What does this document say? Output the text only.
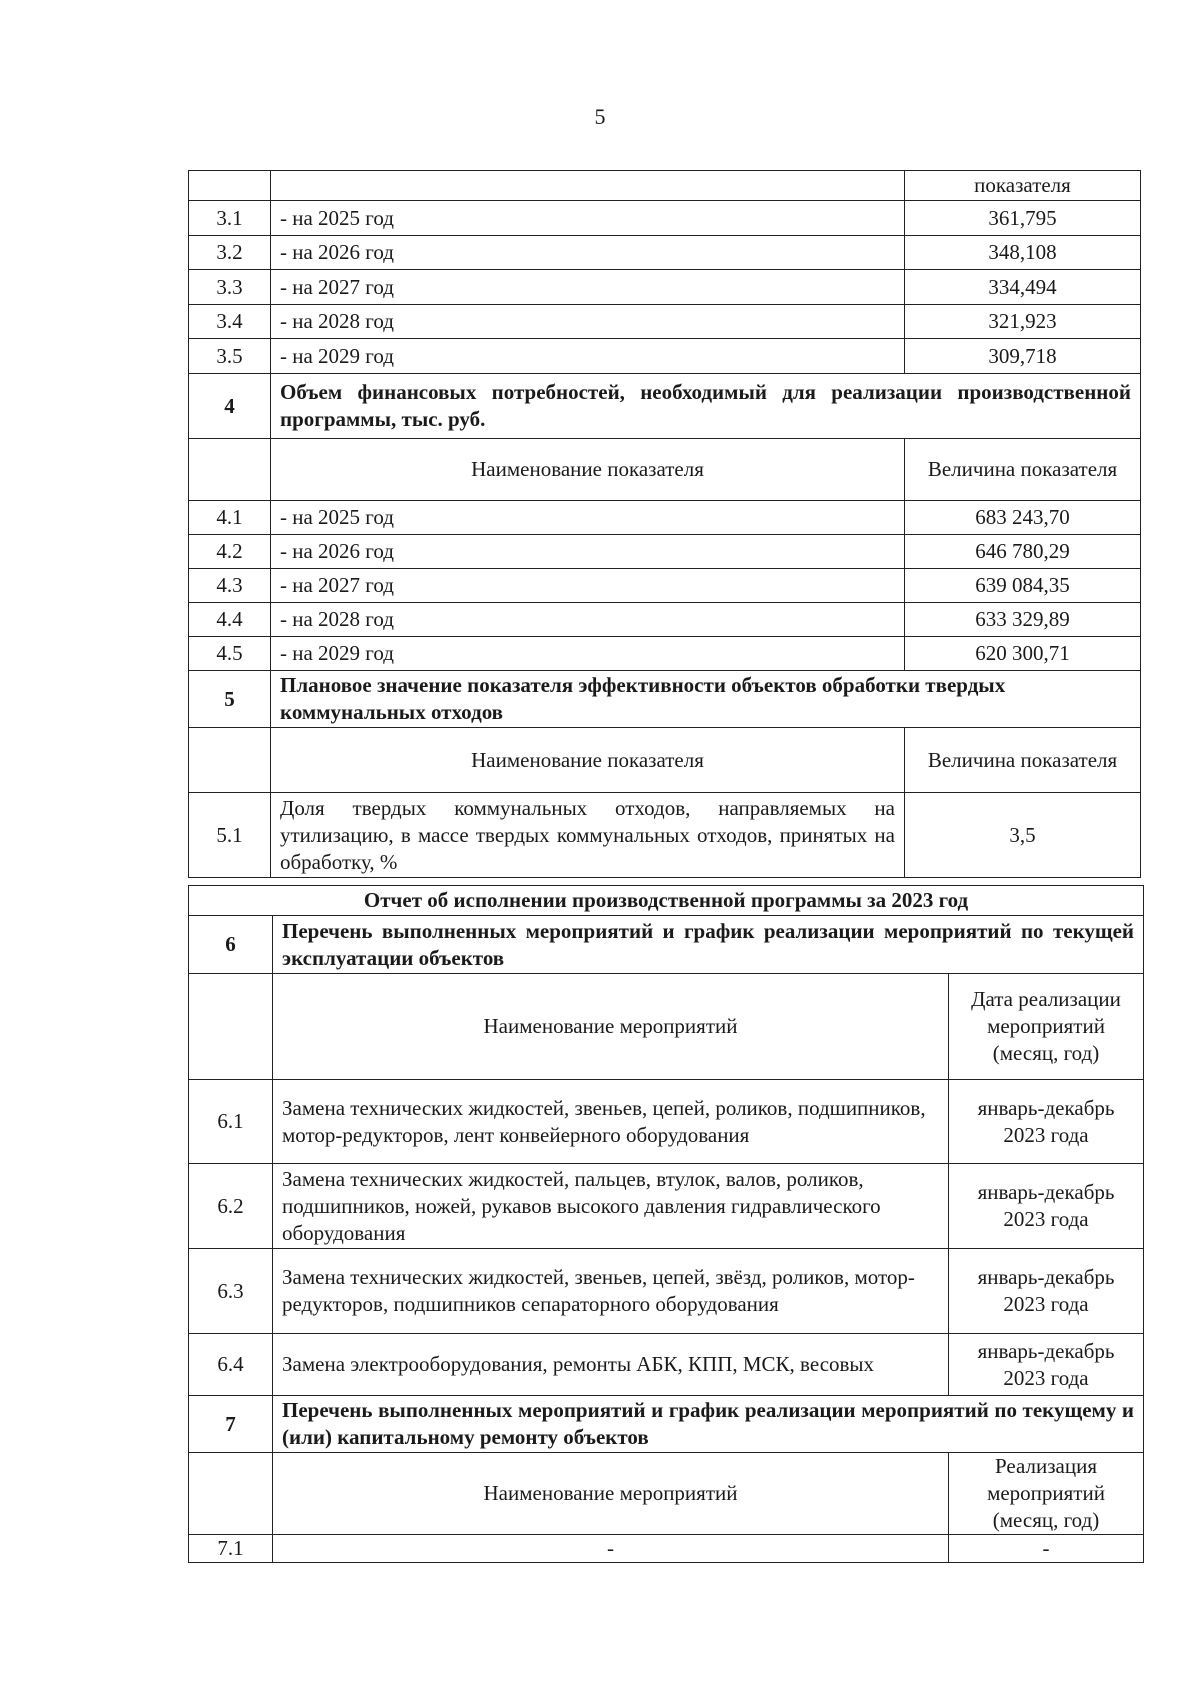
5
		показателя
3.1	- на 2025 год	361,795
3.2	- на 2026 год	348,108
3.3	- на 2027 год	334,494
3.4	- на 2028 год	321,923
3.5	- на 2029 год	309,718
4	Объем финансовых потребностей, необходимый для реализации производственной программы, тыс. руб.	
	Наименование показателя	Величина показателя
4.1	- на 2025 год	683 243,70
4.2	- на 2026 год	646 780,29
4.3	- на 2027 год	639 084,35
4.4	- на 2028 год	633 329,89
4.5	- на 2029 год	620 300,71
5	Плановое значение показателя эффективности объектов обработки твердых коммунальных отходов	
	Наименование показателя	Величина показателя
5.1	Доля твердых коммунальных отходов, направляемых на утилизацию, в массе твердых коммунальных отходов, принятых на обработку, %	3,5
Отчет об исполнении производственной программы за 2023 год		
6	Перечень выполненных мероприятий и график реализации мероприятий по текущей эксплуатации объектов	
	Наименование мероприятий	Дата реализации мероприятий (месяц, год)
6.1	Замена технических жидкостей, звеньев, цепей, роликов, подшипников, мотор-редукторов, лент конвейерного оборудования	январь-декабрь 2023 года
6.2	Замена технических жидкостей, пальцев, втулок, валов, роликов, подшипников, ножей, рукавов высокого давления гидравлического оборудования	январь-декабрь 2023 года
6.3	Замена технических жидкостей, звеньев, цепей, звёзд, роликов, мотор-редукторов, подшипников сепараторного оборудования	январь-декабрь 2023 года
6.4	Замена электрооборудования, ремонты АБК, КПП, МСК, весовых	январь-декабрь 2023 года
7	Перечень выполненных мероприятий и график реализации мероприятий по текущему и (или) капитальному ремонту объектов	
	Наименование мероприятий	Реализация мероприятий (месяц, год)
7.1	-	-
